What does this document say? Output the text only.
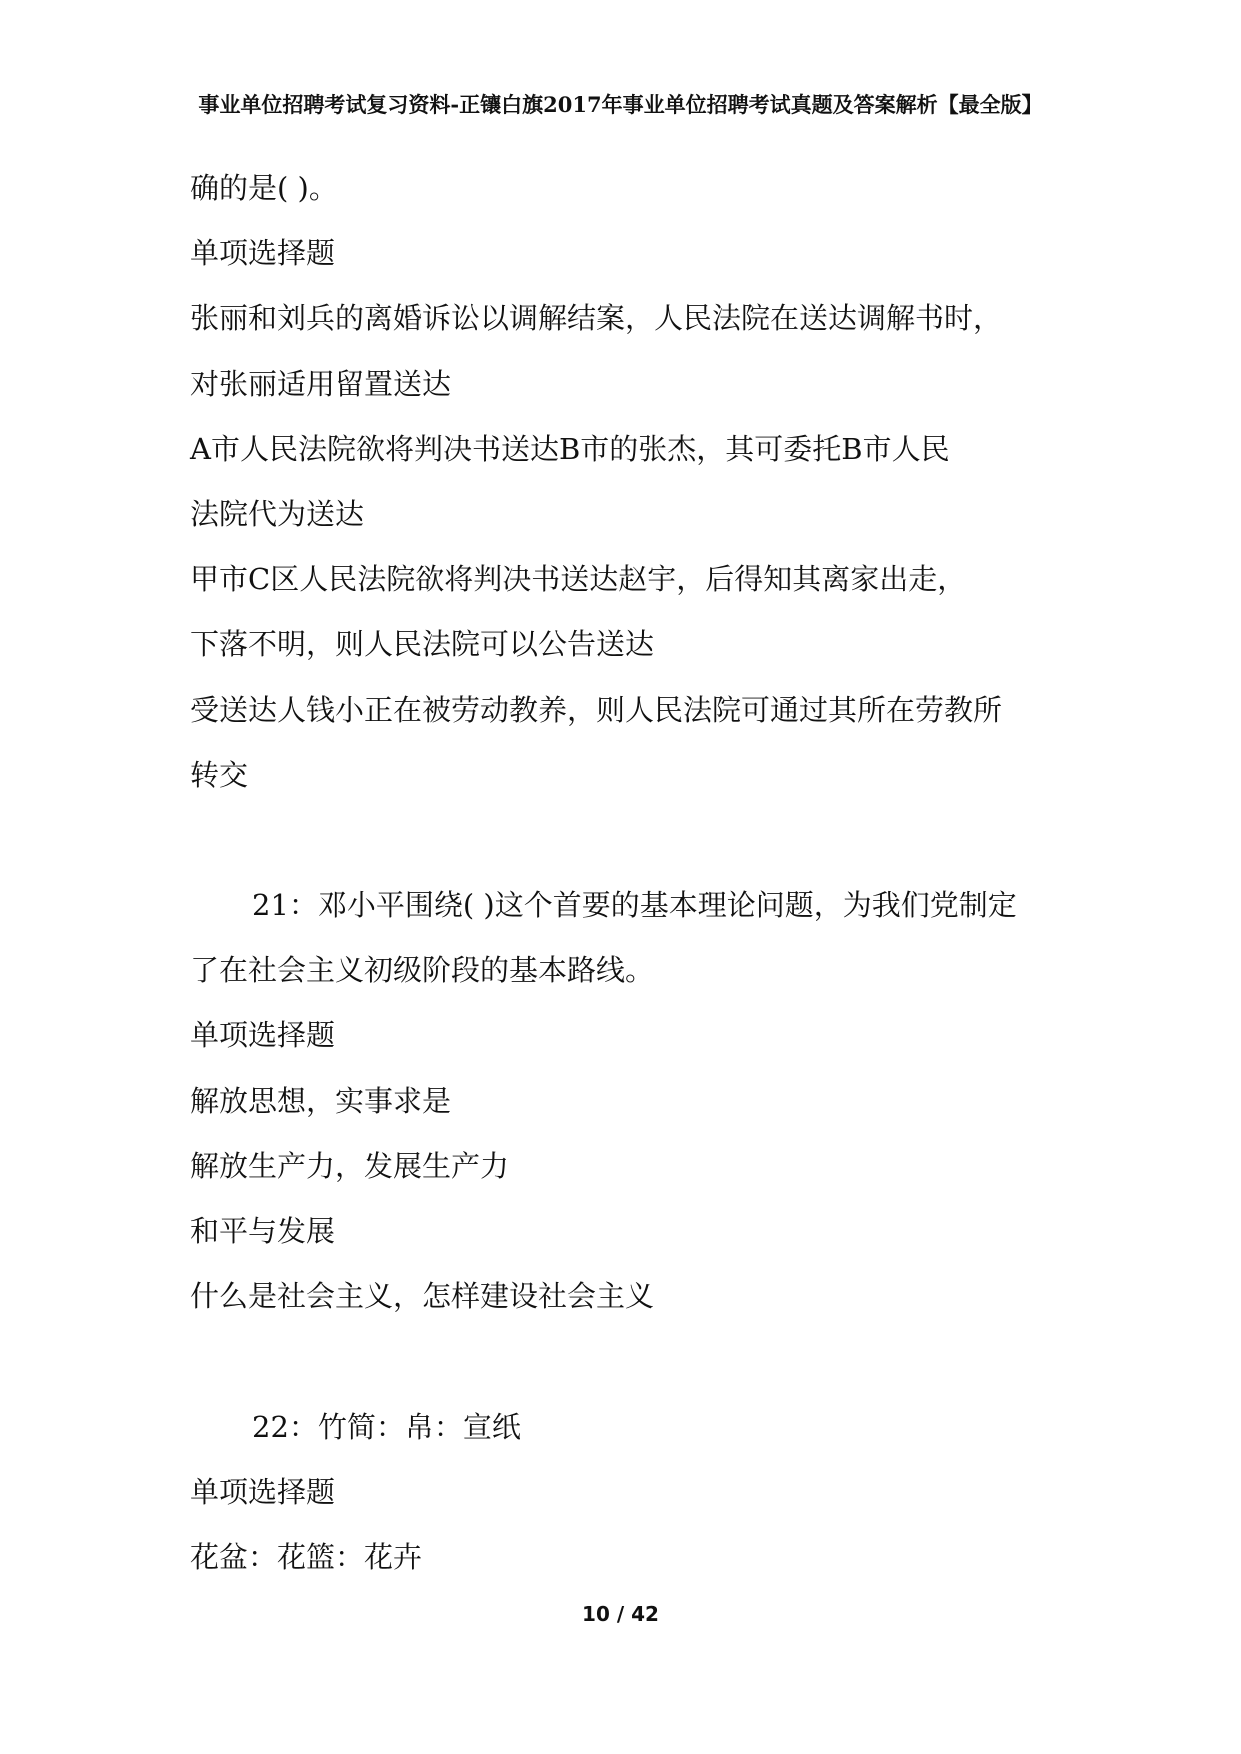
事业单位招聘考试复习资料-正镶白旗2017年事业单位招聘考试真题及答案解析【最全版】
确的是( )。
单项选择题
张丽和刘兵的离婚诉讼以调解结案，人民法院在送达调解书时，
对张丽适用留置送达
A市人民法院欲将判决书送达B市的张杰，其可委托B市人民
法院代为送达
甲市C区人民法院欲将判决书送达赵宇，后得知其离家出走，
下落不明，则人民法院可以公告送达
受送达人钱小正在被劳动教养，则人民法院可通过其所在劳教所
转交
21：邓小平围绕( )这个首要的基本理论问题，为我们党制定
了在社会主义初级阶段的基本路线。
单项选择题
解放思想，实事求是
解放生产力，发展生产力
和平与发展
什么是社会主义，怎样建设社会主义
22：竹简：帛：宣纸
单项选择题
花盆：花篮：花卉
10 / 42
